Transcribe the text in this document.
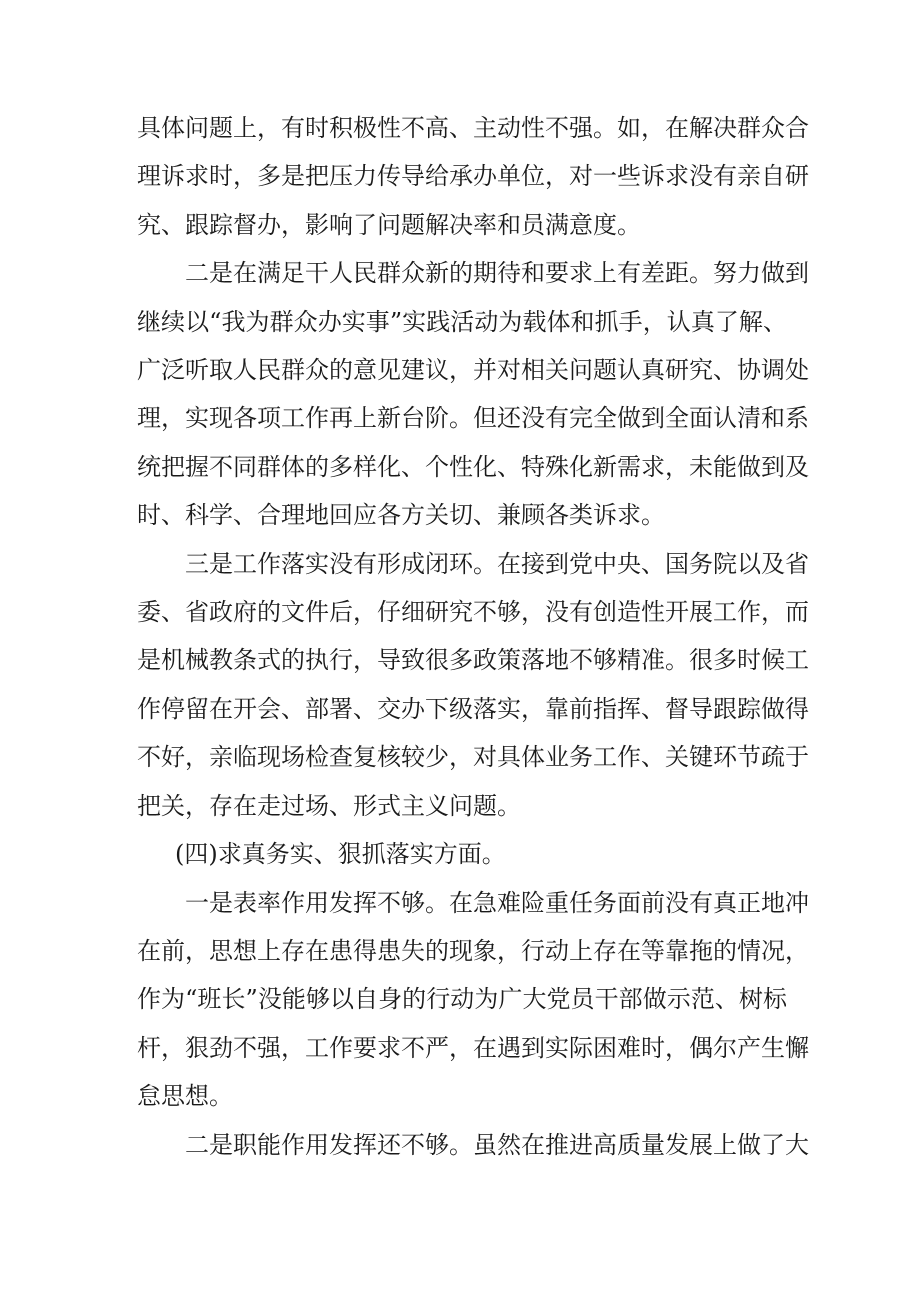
具体问题上，有时积极性不高、主动性不强。如，在解决群众合
理诉求时，多是把压力传导给承办单位，对一些诉求没有亲自研
究、跟踪督办，影响了问题解决率和员满意度。

二是在满足干人民群众新的期待和要求上有差距。努力做到
继续以“我为群众办实事”实践活动为载体和抓手，认真了解、
广泛听取人民群众的意见建议，并对相关问题认真研究、协调处
理，实现各项工作再上新台阶。但还没有完全做到全面认清和系
统把握不同群体的多样化、个性化、特殊化新需求，未能做到及
时、科学、合理地回应各方关切、兼顾各类诉求。

三是工作落实没有形成闭环。在接到党中央、国务院以及省
委、省政府的文件后，仔细研究不够，没有创造性开展工作，而
是机械教条式的执行，导致很多政策落地不够精准。很多时候工
作停留在开会、部署、交办下级落实，靠前指挥、督导跟踪做得
不好，亲临现场检查复核较少，对具体业务工作、关键环节疏于
把关，存在走过场、形式主义问题。

(四)求真务实、狠抓落实方面。

一是表率作用发挥不够。在急难险重任务面前没有真正地冲
在前，思想上存在患得患失的现象，行动上存在等靠拖的情况，
作为“班长”没能够以自身的行动为广大党员干部做示范、树标
杆，狠劲不强，工作要求不严，在遇到实际困难时，偶尔产生懈
怠思想。

二是职能作用发挥还不够。虽然在推进高质量发展上做了大
